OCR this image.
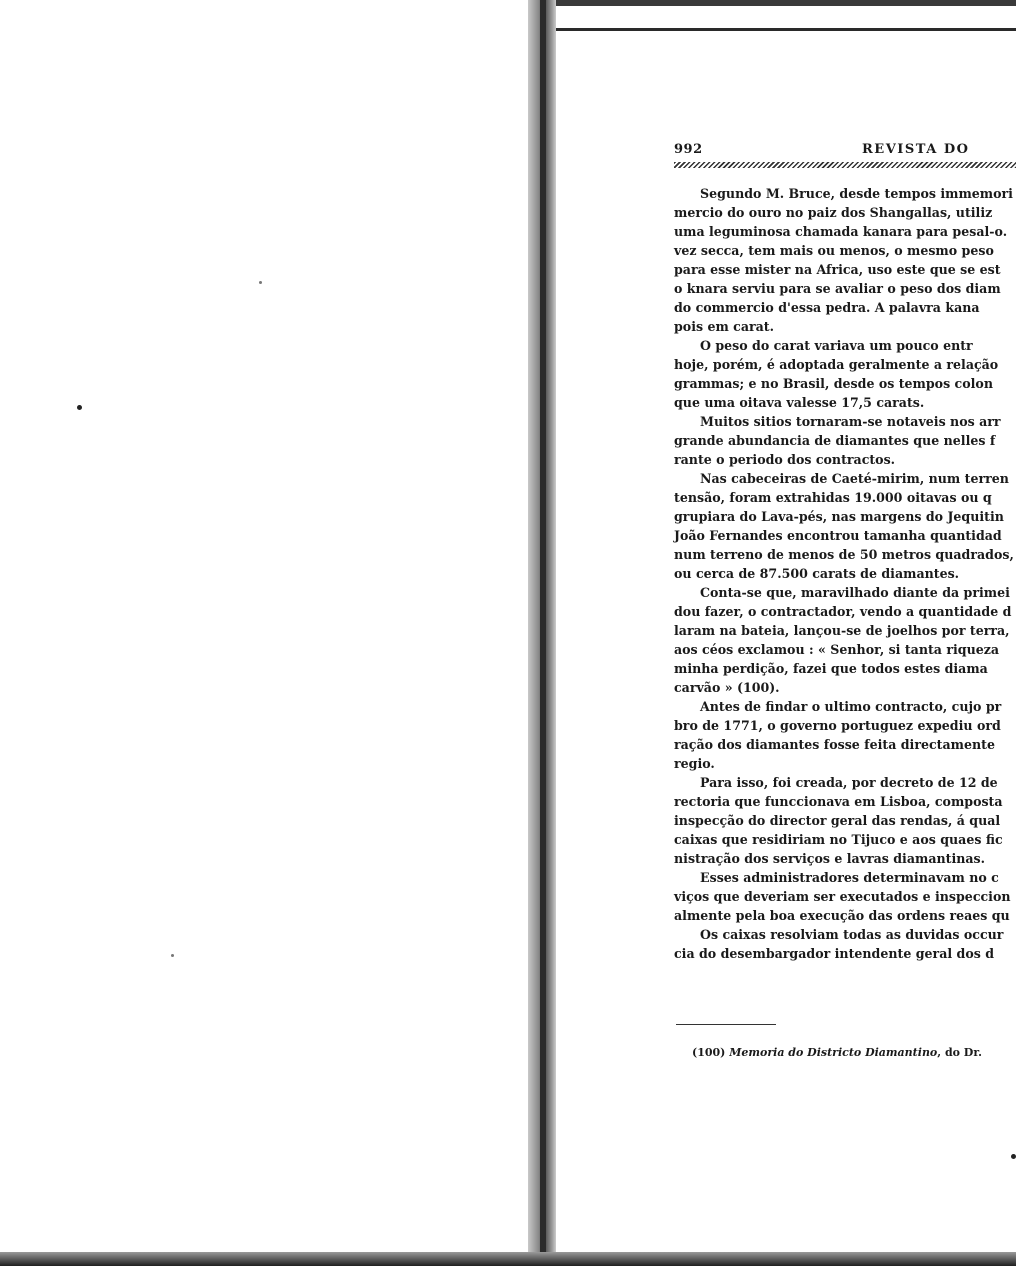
992	REVISTA DO
Segundo M. Bruce, desde tempos immemori
mercio do ouro no paiz dos Shangallas, utiliz
uma leguminosa chamada kanara para pesal-o.
vez secca, tem mais ou menos, o mesmo peso
para esse mister na Africa, uso este que se est
o knara serviu para se avaliar o peso dos diam
do commercio d'essa pedra. A palavra kana
pois em carat.
O peso do carat variava um pouco entr
hoje, porém, é adoptada geralmente a relação
grammas; e no Brasil, desde os tempos colon
que uma oitava valesse 17,5 carats.
Muitos sitios tornaram-se notaveis nos arr
grande abundancia de diamantes que nelles f
rante o periodo dos contractos.
Nas cabeceiras de Caeté-mirim, num terren
tensão, foram extrahidas 19.000 oitavas ou q
grupiara do Lava-pés, nas margens do Jequitin
João Fernandes encontrou tamanha quantidad
num terreno de menos de 50 metros quadrados,
ou cerca de 87.500 carats de diamantes.
Conta-se que, maravilhado diante da primei
dou fazer, o contractador, vendo a quantidade d
laram na bateia, lançou-se de joelhos por terra,
aos céos exclamou : « Senhor, si tanta riqueza
minha perdição, fazei que todos estes diama
carvão » (100).
Antes de findar o ultimo contracto, cujo pr
bro de 1771, o governo portuguez expediu ord
ração dos diamantes fosse feita directamente
regio.
Para isso, foi creada, por decreto de 12 de
rectoria que funccionava em Lisboa, composta
inspecção do director geral das rendas, á qual
caixas que residiriam no Tijuco e aos quaes fic
nistração dos serviços e lavras diamantinas.
Esses administradores determinavam no c
viços que deveriam ser executados e inspeccion
almente pela boa execução das ordens reaes qu
Os caixas resolviam todas as duvidas occur
cia do desembargador intendente geral dos d
(100) Memoria do Districto Diamantino, do Dr.
